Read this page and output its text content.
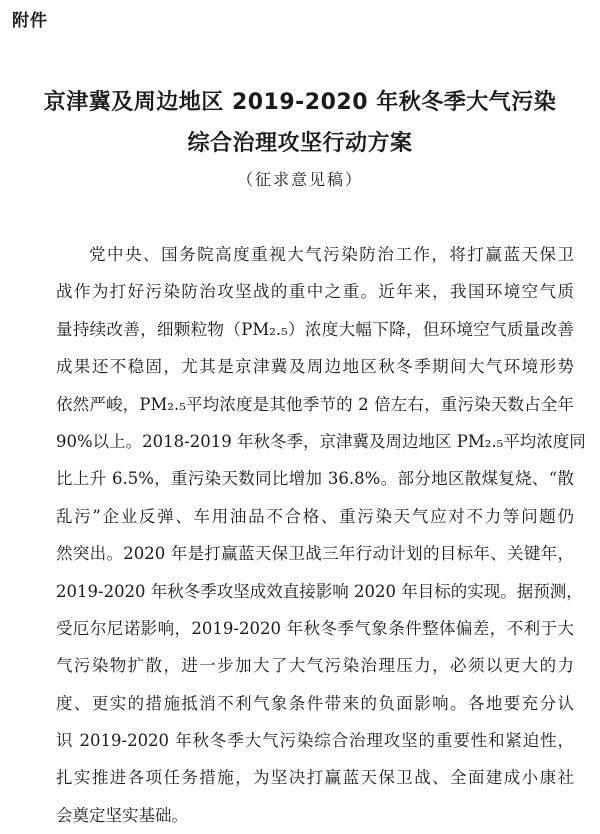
附件
京津冀及周边地区 2019-2020 年秋冬季大气污染
综合治理攻坚行动方案
（征求意见稿）
党中央、国务院高度重视大气污染防治工作，将打赢蓝天保卫
战作为打好污染防治攻坚战的重中之重。近年来，我国环境空气质
量持续改善，细颗粒物（PM₂.₅）浓度大幅下降，但环境空气质量改善
成果还不稳固，尤其是京津冀及周边地区秋冬季期间大气环境形势
依然严峻，PM₂.₅平均浓度是其他季节的 2 倍左右，重污染天数占全年
90%以上。2018-2019 年秋冬季，京津冀及周边地区 PM₂.₅平均浓度同
比上升 6.5%，重污染天数同比增加 36.8%。部分地区散煤复烧、“散
乱污”企业反弹、车用油品不合格、重污染天气应对不力等问题仍
然突出。2020 年是打赢蓝天保卫战三年行动计划的目标年、关键年，
2019-2020 年秋冬季攻坚成效直接影响 2020 年目标的实现。据预测，
受厄尔尼诺影响，2019-2020 年秋冬季气象条件整体偏差，不利于大
气污染物扩散，进一步加大了大气污染治理压力，必须以更大的力
度、更实的措施抵消不利气象条件带来的负面影响。各地要充分认
识 2019-2020 年秋冬季大气污染综合治理攻坚的重要性和紧迫性，
扎实推进各项任务措施，为坚决打赢蓝天保卫战、全面建成小康社
会奠定坚实基础。
